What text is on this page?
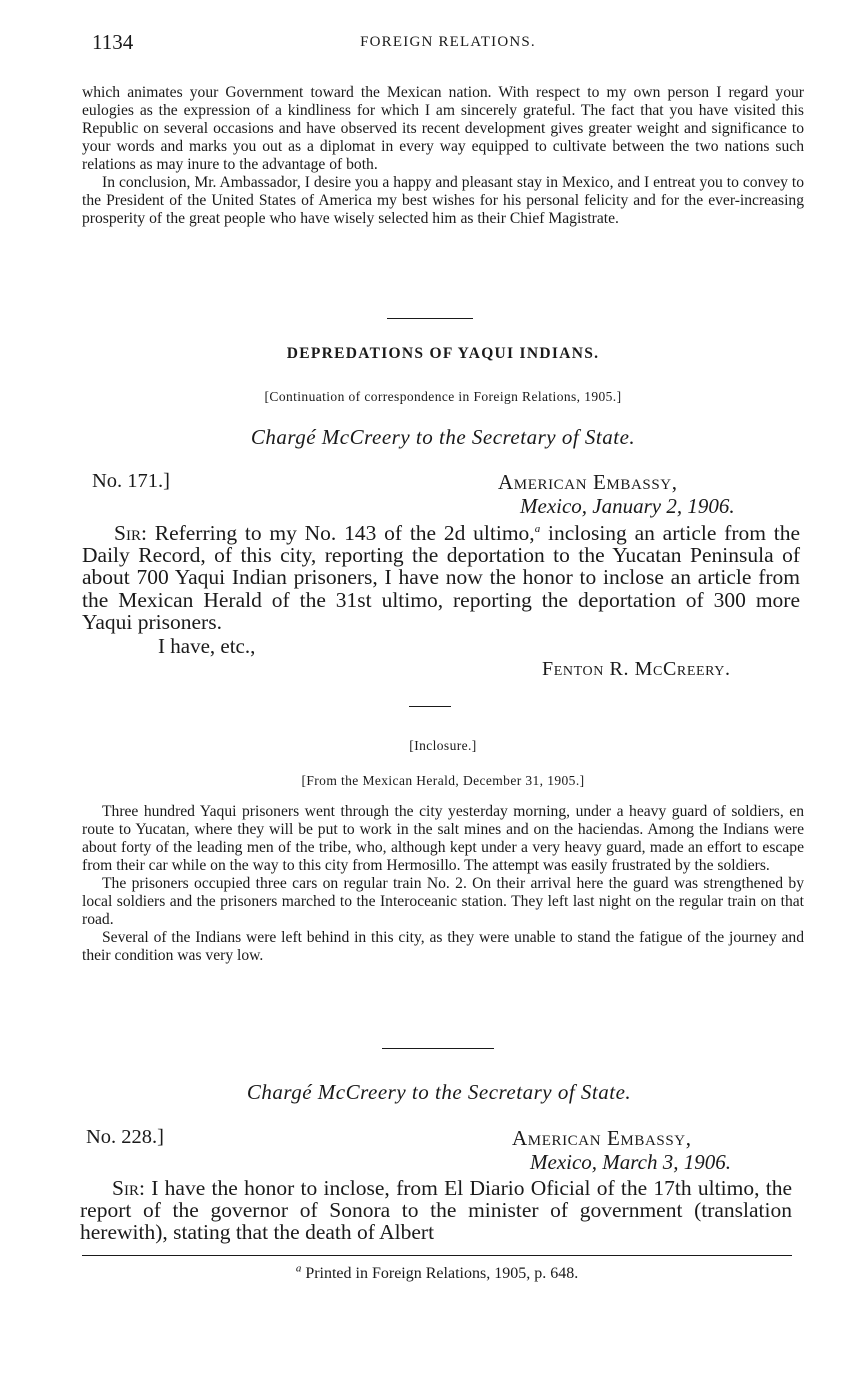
1134	FOREIGN RELATIONS.

which animates your Government toward the Mexican nation. With respect to my own person I regard your eulogies as the expression of a kindliness for which I am sincerely grateful. The fact that you have visited this Republic on several occasions and have observed its recent development gives greater weight and significance to your words and marks you out as a diplomat in every way equipped to cultivate between the two nations such relations as may inure to the advantage of both.

In conclusion, Mr. Ambassador, I desire you a happy and pleasant stay in Mexico, and I entreat you to convey to the President of the United States of America my best wishes for his personal felicity and for the ever-increasing prosperity of the great people who have wisely selected him as their Chief Magistrate.

DEPREDATIONS OF YAQUI INDIANS.
[Continuation of correspondence in Foreign Relations, 1905.]
Chargé McCreery to the Secretary of State.
No. 171.]	American Embassy,
Mexico, January 2, 1906.

Sir: Referring to my No. 143 of the 2d ultimo,$^a$ inclosing an article from the Daily Record, of this city, reporting the deportation to the Yucatan Peninsula of about 700 Yaqui Indian prisoners, I have now the honor to inclose an article from the Mexican Herald of the 31st ultimo, reporting the deportation of 300 more Yaqui prisoners.

I have, etc.,
Fenton R. McCreery.
[Inclosure.]
[From the Mexican Herald, December 31, 1905.]

Three hundred Yaqui prisoners went through the city yesterday morning, under a heavy guard of soldiers, en route to Yucatan, where they will be put to work in the salt mines and on the haciendas. Among the Indians were about forty of the leading men of the tribe, who, although kept under a very heavy guard, made an effort to escape from their car while on the way to this city from Hermosillo. The attempt was easily frustrated by the soldiers.

The prisoners occupied three cars on regular train No. 2. On their arrival here the guard was strengthened by local soldiers and the prisoners marched to the Interoceanic station. They left last night on the regular train on that road.

Several of the Indians were left behind in this city, as they were unable to stand the fatigue of the journey and their condition was very low.

Chargé McCreery to the Secretary of State.
No. 228.]	American Embassy,
Mexico, March 3, 1906.

Sir: I have the honor to inclose, from El Diario Oficial of the 17th ultimo, the report of the governor of Sonora to the minister of government (translation herewith), stating that the death of Albert

$^a$ Printed in Foreign Relations, 1905, p. 648.
